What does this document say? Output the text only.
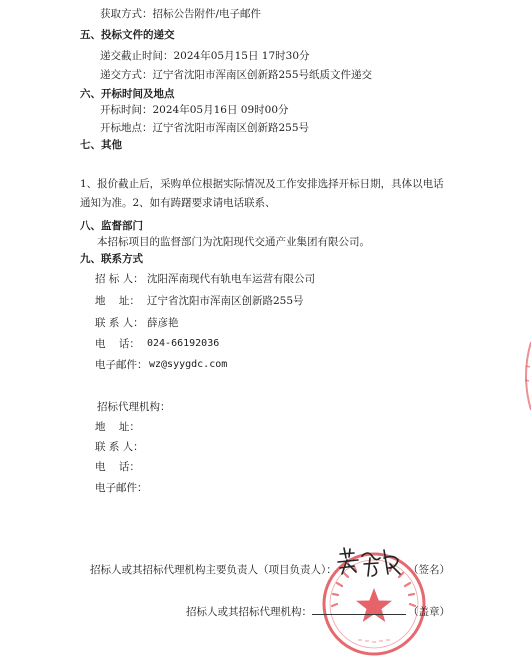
获取方式：招标公告附件/电子邮件
五、投标文件的递交
递交截止时间：2024年05月15日 17时30分
递交方式：辽宁省沈阳市浑南区创新路255号纸质文件递交
六、开标时间及地点
开标时间：2024年05月16日 09时00分
开标地点：辽宁省沈阳市浑南区创新路255号
七、其他
1、报价截止后，采购单位根据实际情况及工作安排选择开标日期，具体以电话
通知为准。2、如有踌躇要求请电话联系、
八、监督部门
本招标项目的监督部门为沈阳现代交通产业集团有限公司。
九、联系方式
招 标 人： 沈阳浑南现代有轨电车运营有限公司
地    址： 辽宁省沈阳市浑南区创新路255号
联 系 人： 薛彦艳
电    话： 024-66192036
电子邮件： wz@syygdc.com
招标代理机构：
地    址：
联 系 人：
电    话：
电子邮件：
招标人或其招标代理机构主要负责人（项目负责人）：	（签名）
招标人或其招标代理机构：	（盖章）
